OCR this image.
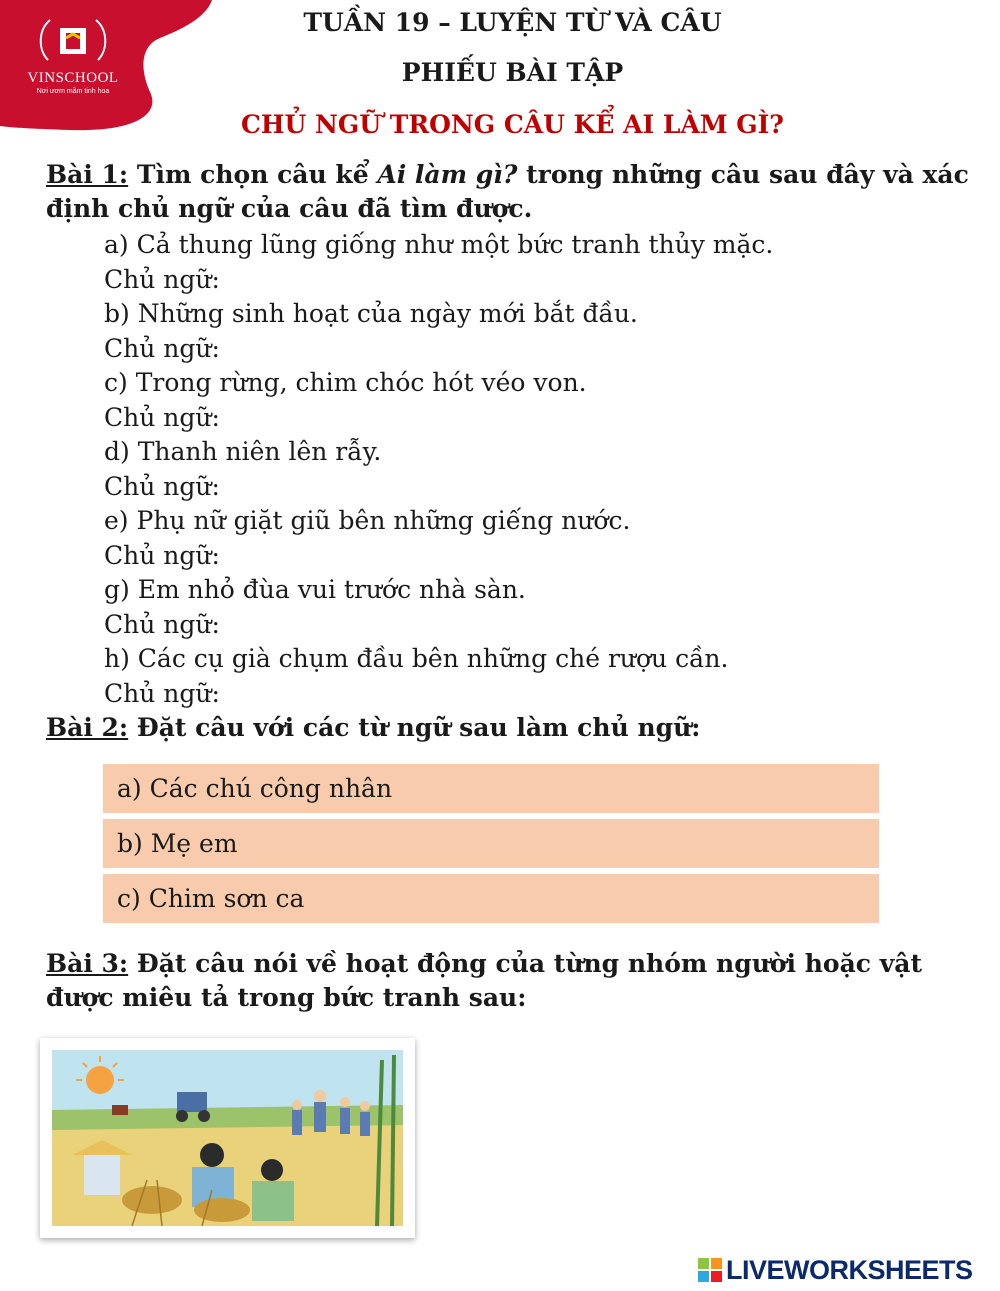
VINSCHOOL
Nơi ươm mầm tinh hoa

TUẦN 19 – LUYỆN TỪ VÀ CÂU

PHIẾU BÀI TẬP

CHỦ NGỮ TRONG CÂU KỂ AI LÀM GÌ?

Bài 1: Tìm chọn câu kể Ai làm gì? trong những câu sau đây và xác định chủ ngữ của câu đã tìm được.

a) Cả thung lũng giống như một bức tranh thủy mặc.
Chủ ngữ:
b) Những sinh hoạt của ngày mới bắt đầu.
Chủ ngữ:
c) Trong rừng, chim chóc hót véo von.
Chủ ngữ:
d) Thanh niên lên rẫy.
Chủ ngữ:
e) Phụ nữ giặt giũ bên những giếng nước.
Chủ ngữ:
g) Em nhỏ đùa vui trước nhà sàn.
Chủ ngữ:
h) Các cụ già chụm đầu bên những ché rượu cần.
Chủ ngữ:

Bài 2: Đặt câu với các từ ngữ sau làm chủ ngữ:

a) Các chú công nhân
b) Mẹ em
c) Chim sơn ca

Bài 3: Đặt câu nói về hoạt động của từng nhóm người hoặc vật được miêu tả trong bức tranh sau:

LIVEWORKSHEETS
